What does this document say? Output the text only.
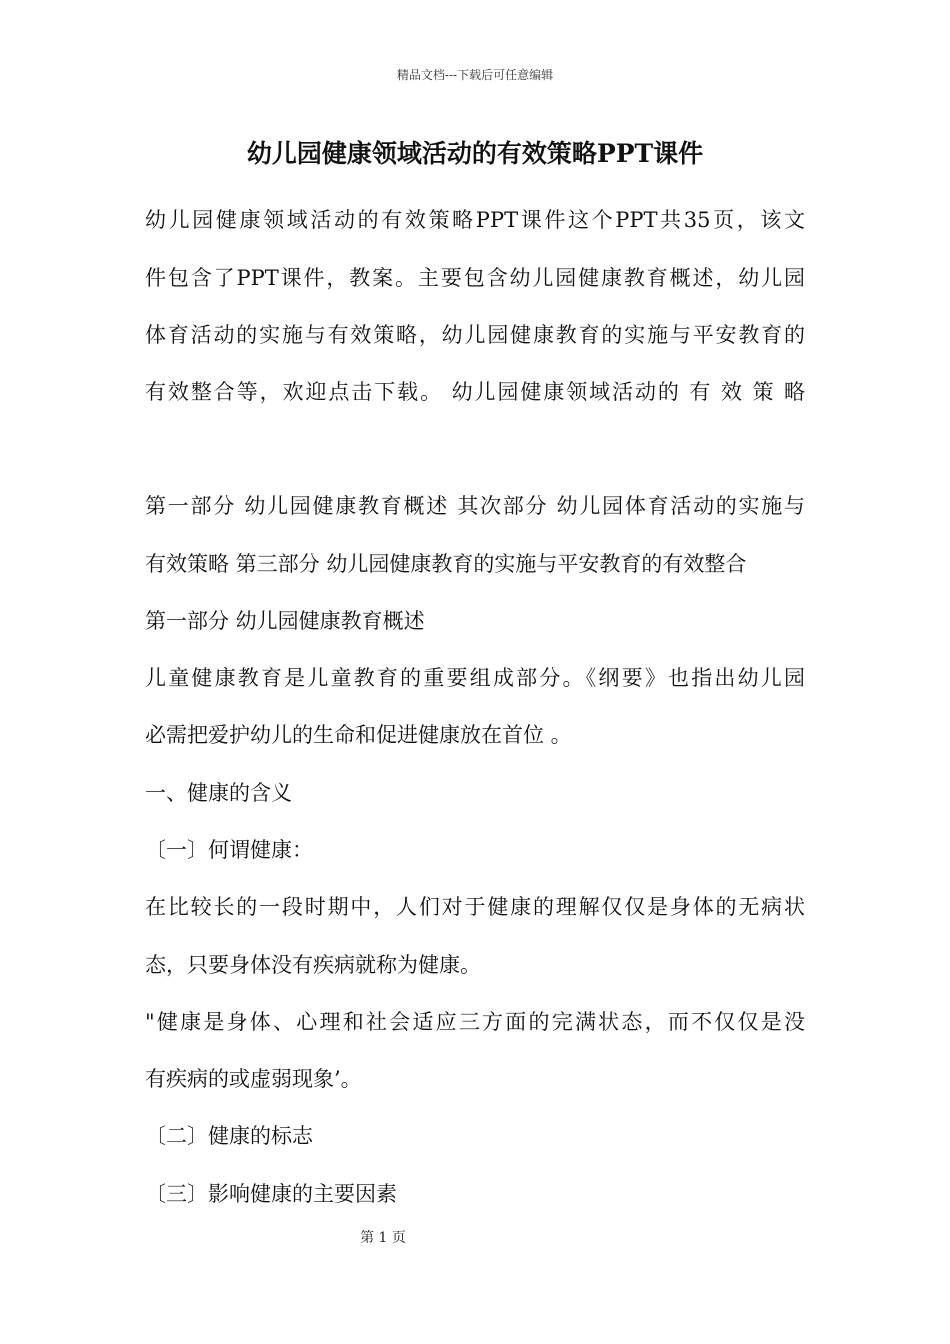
精品文档---下载后可任意编辑
幼儿园健康领域活动的有效策略PPT课件
幼儿园健康领域活动的有效策略PPT课件这个PPT共35页，该文
件包含了PPT课件，教案。主要包含幼儿园健康教育概述，幼儿园
体育活动的实施与有效策略，幼儿园健康教育的实施与平安教育的
有效整合等，欢迎点击下载。 幼儿园健康领域活动的 有 效 策 略
第一部分 幼儿园健康教育概述 其次部分 幼儿园体育活动的实施与
有效策略 第三部分 幼儿园健康教育的实施与平安教育的有效整合
第一部分 幼儿园健康教育概述
儿童健康教育是儿童教育的重要组成部分。《纲要》也指出幼儿园
必需把爱护幼儿的生命和促进健康放在首位 。
一、健康的含义
〔一〕何谓健康：
在比较长的一段时期中，人们对于健康的理解仅仅是身体的无病状
态，只要身体没有疾病就称为健康。
"健康是身体、心理和社会适应三方面的完满状态，而不仅仅是没
有疾病的或虚弱现象’。
〔二〕健康的标志
〔三〕影响健康的主要因素
第 1 页
